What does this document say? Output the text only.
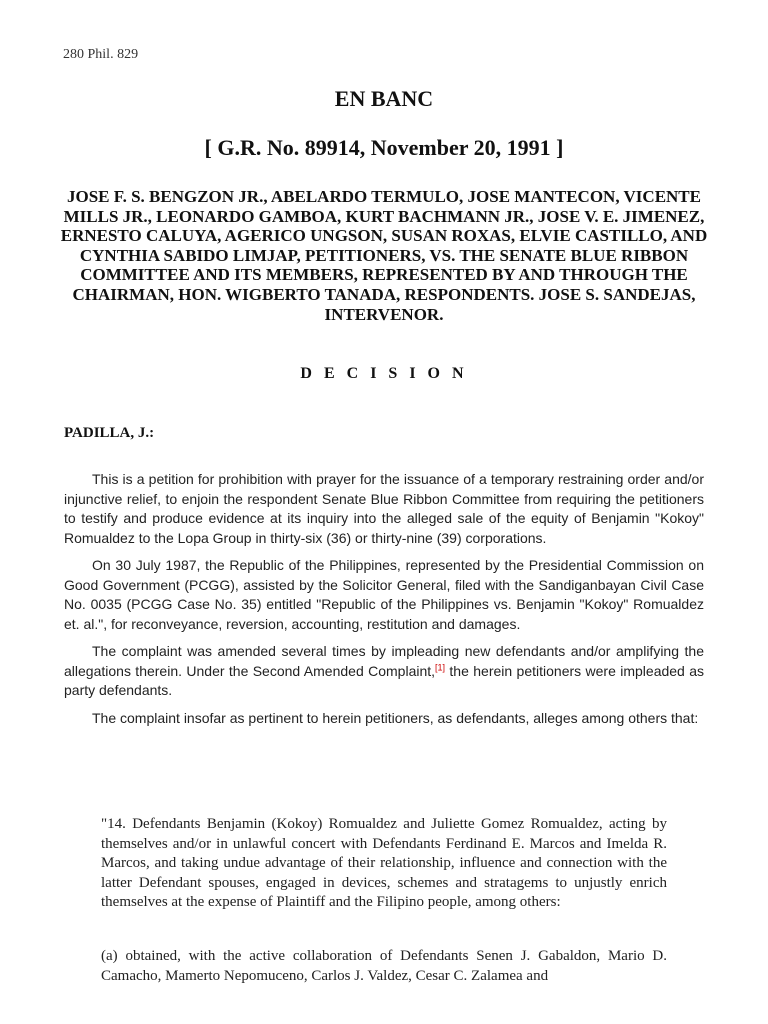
280 Phil. 829
EN BANC
[ G.R. No. 89914, November 20, 1991 ]
JOSE F. S. BENGZON JR., ABELARDO TERMULO, JOSE MANTECON, VICENTE MILLS JR., LEONARDO GAMBOA, KURT BACHMANN JR., JOSE V. E. JIMENEZ, ERNESTO CALUYA, AGERICO UNGSON, SUSAN ROXAS, ELVIE CASTILLO, AND CYNTHIA SABIDO LIMJAP, PETITIONERS, VS. THE SENATE BLUE RIBBON COMMITTEE AND ITS MEMBERS, REPRESENTED BY AND THROUGH THE CHAIRMAN, HON. WIGBERTO TANADA, RESPONDENTS. JOSE S. SANDEJAS, INTERVENOR.
D E C I S I O N
PADILLA, J.:

This is a petition for prohibition with prayer for the issuance of a temporary restraining order and/or injunctive relief, to enjoin the respondent Senate Blue Ribbon Committee from requiring the petitioners to testify and produce evidence at its inquiry into the alleged sale of the equity of Benjamin "Kokoy" Romualdez to the Lopa Group in thirty-six (36) or thirty-nine (39) corporations.

On 30 July 1987, the Republic of the Philippines, represented by the Presidential Commission on Good Government (PCGG), assisted by the Solicitor General, filed with the Sandiganbayan Civil Case No. 0035 (PCGG Case No. 35) entitled "Republic of the Philippines vs. Benjamin "Kokoy" Romualdez et. al.", for reconveyance, reversion, accounting, restitution and damages.

The complaint was amended several times by impleading new defendants and/or amplifying the allegations therein. Under the Second Amended Complaint,[1] the herein petitioners were impleaded as party defendants.

The complaint insofar as pertinent to herein petitioners, as defendants, alleges among others that:

"14. Defendants Benjamin (Kokoy) Romualdez and Juliette Gomez Romualdez, acting by themselves and/or in unlawful concert with Defendants Ferdinand E. Marcos and Imelda R. Marcos, and taking undue advantage of their relationship, influence and connection with the latter Defendant spouses, engaged in devices, schemes and stratagems to unjustly enrich themselves at the expense of Plaintiff and the Filipino people, among others:
(a) obtained, with the active collaboration of Defendants Senen J. Gabaldon, Mario D. Camacho, Mamerto Nepomuceno, Carlos J. Valdez, Cesar C. Zalamea and
